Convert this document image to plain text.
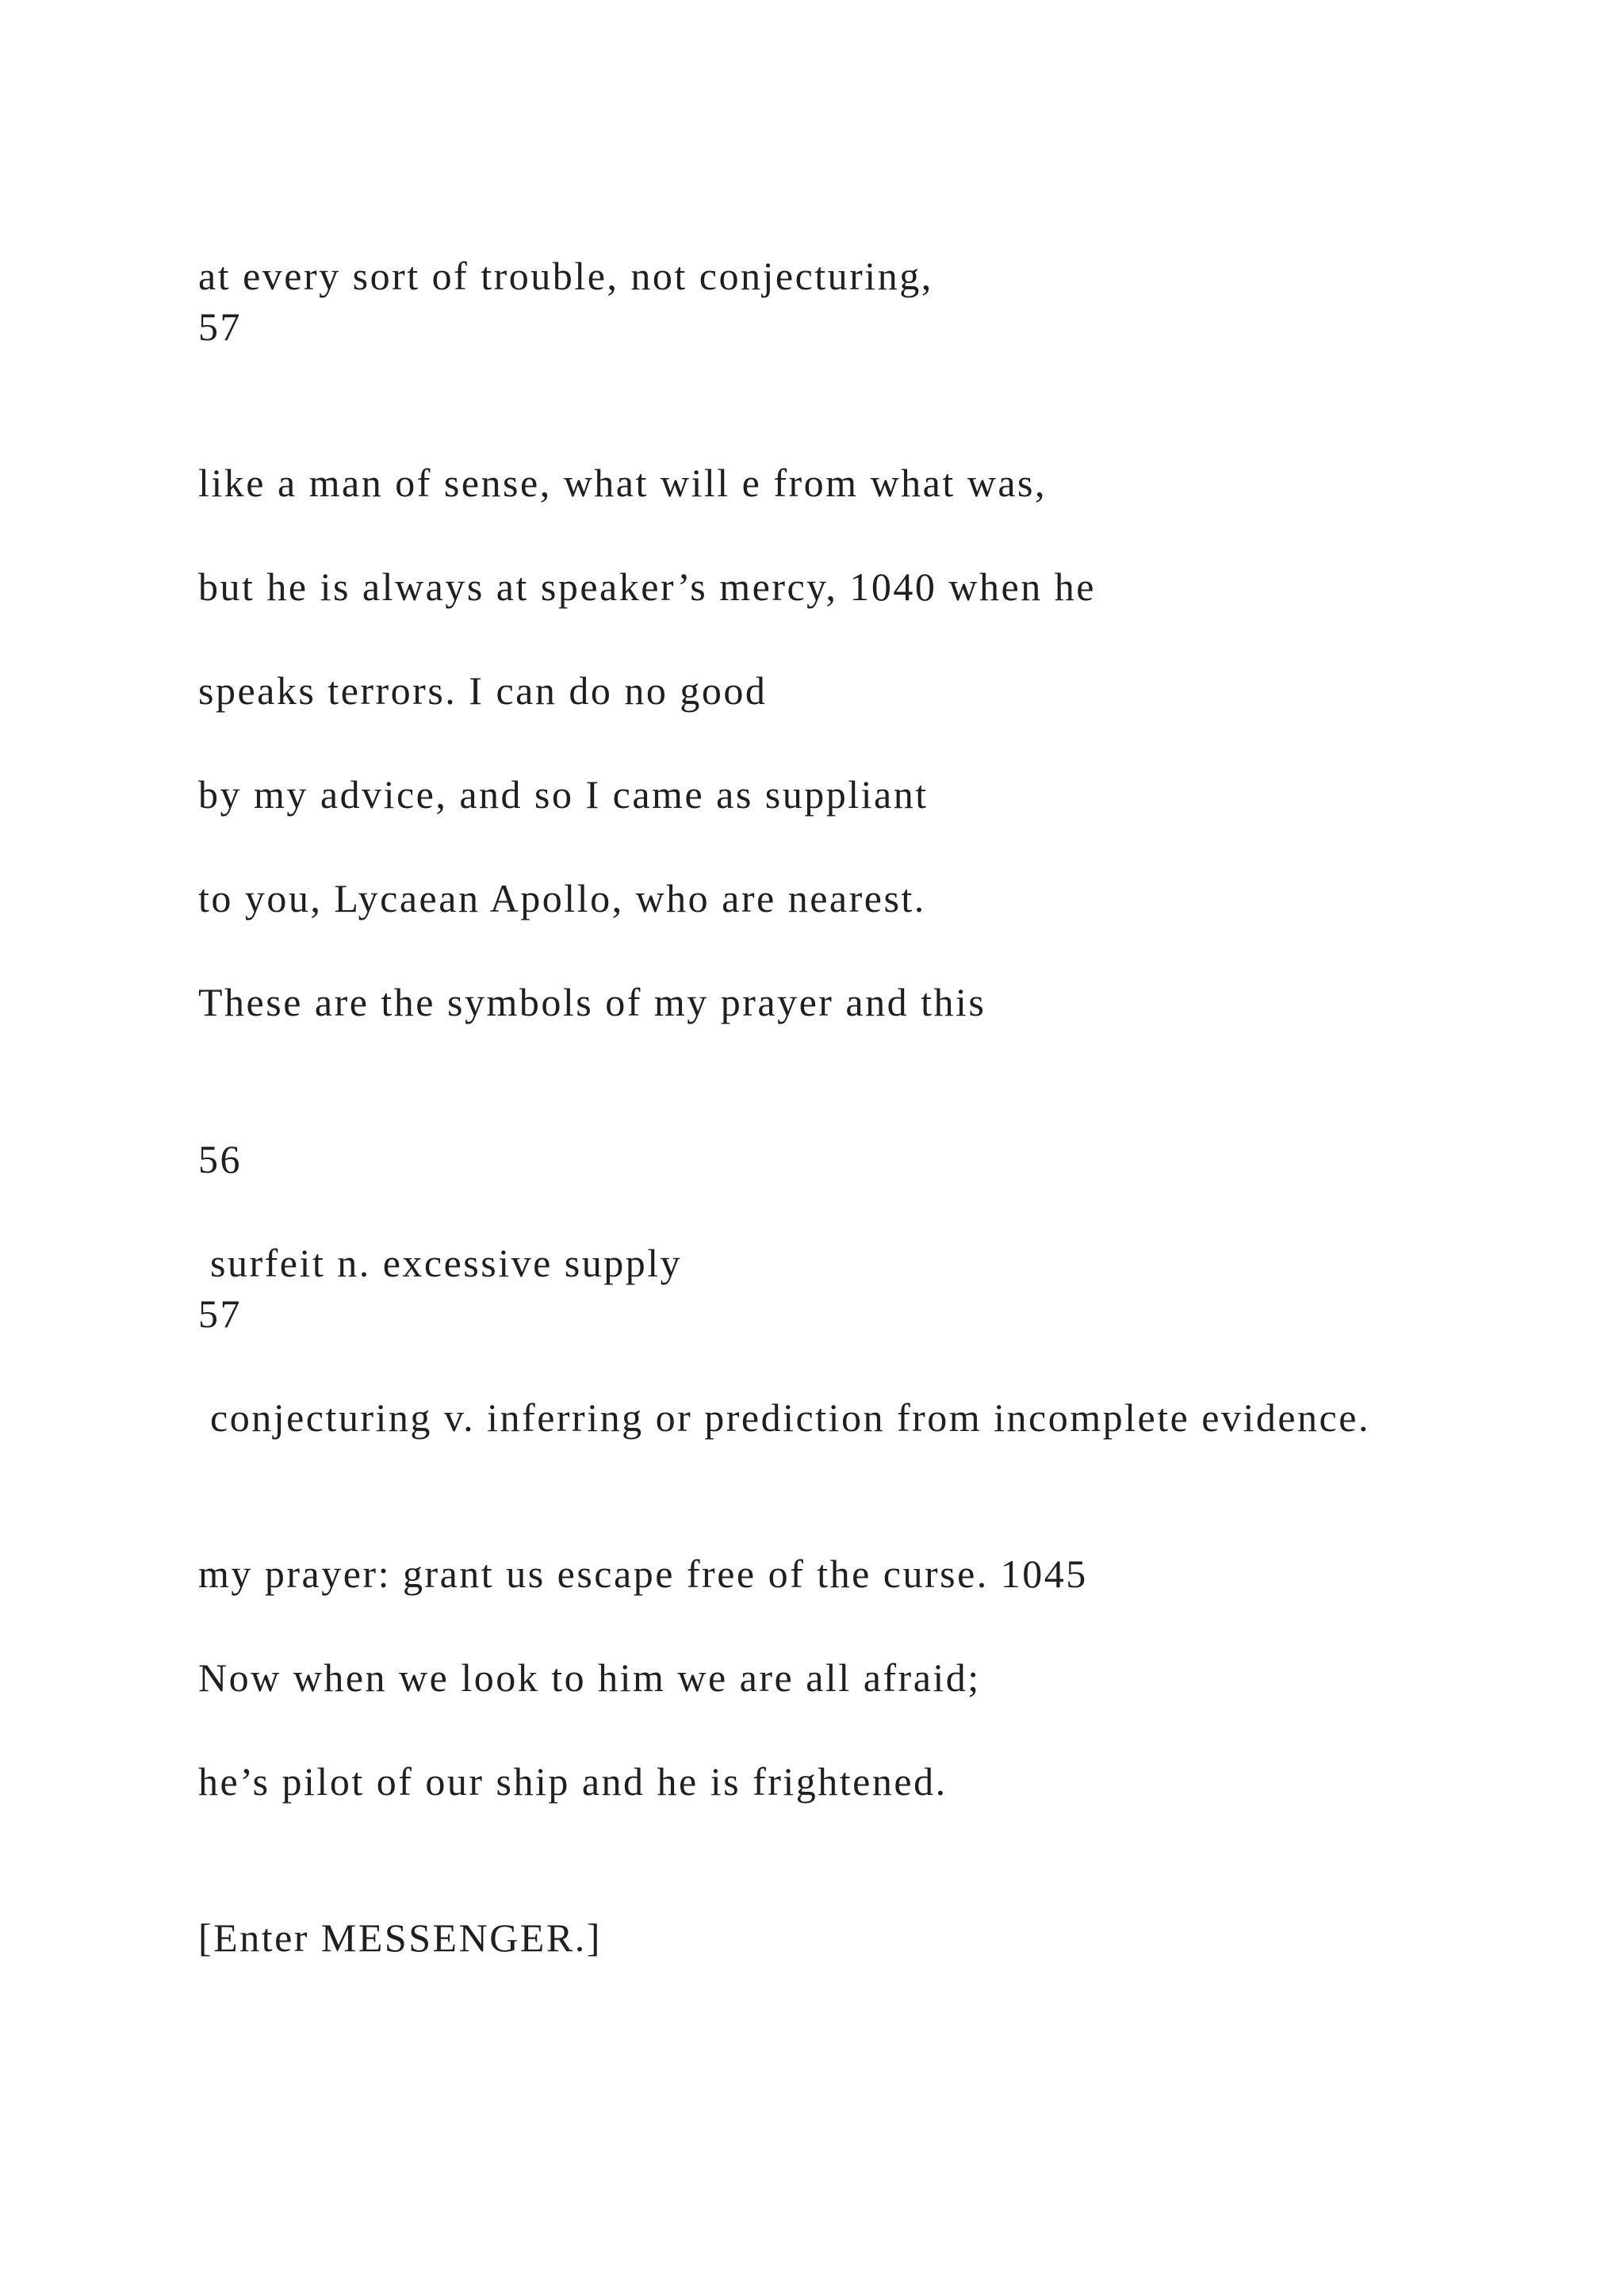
at every sort of trouble, not conjecturing,

57

like a man of sense, what will e from what was,

but he is always at speaker’s mercy, 1040 when he

speaks terrors. I can do no good

by my advice, and so I came as suppliant

to you, Lycaean Apollo, who are nearest.

These are the symbols of my prayer and this

56

surfeit n. excessive supply

57

conjecturing v. inferring or prediction from incomplete evidence.

my prayer: grant us escape free of the curse. 1045

Now when we look to him we are all afraid;

he’s pilot of our ship and he is frightened.

[Enter MESSENGER.]
